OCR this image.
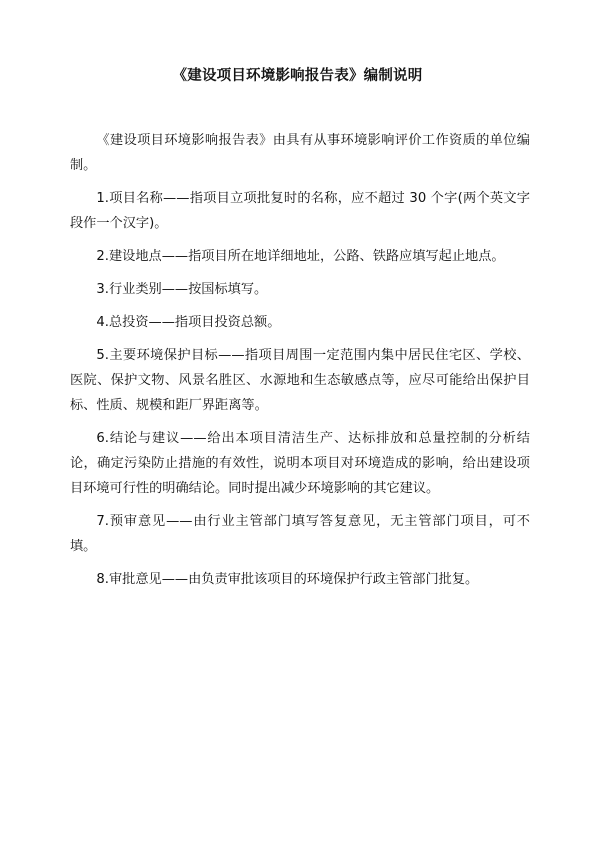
《建设项目环境影响报告表》编制说明

《建设项目环境影响报告表》由具有从事环境影响评价工作资质的单位编制。

1.项目名称——指项目立项批复时的名称，应不超过 30 个字(两个英文字段作一个汉字)。

2.建设地点——指项目所在地详细地址，公路、铁路应填写起止地点。

3.行业类别——按国标填写。

4.总投资——指项目投资总额。

5.主要环境保护目标——指项目周围一定范围内集中居民住宅区、学校、医院、保护文物、风景名胜区、水源地和生态敏感点等，应尽可能给出保护目标、性质、规模和距厂界距离等。

6.结论与建议——给出本项目清洁生产、达标排放和总量控制的分析结论，确定污染防止措施的有效性，说明本项目对环境造成的影响，给出建设项目环境可行性的明确结论。同时提出减少环境影响的其它建议。

7.预审意见——由行业主管部门填写答复意见，无主管部门项目，可不填。

8.审批意见——由负责审批该项目的环境保护行政主管部门批复。
